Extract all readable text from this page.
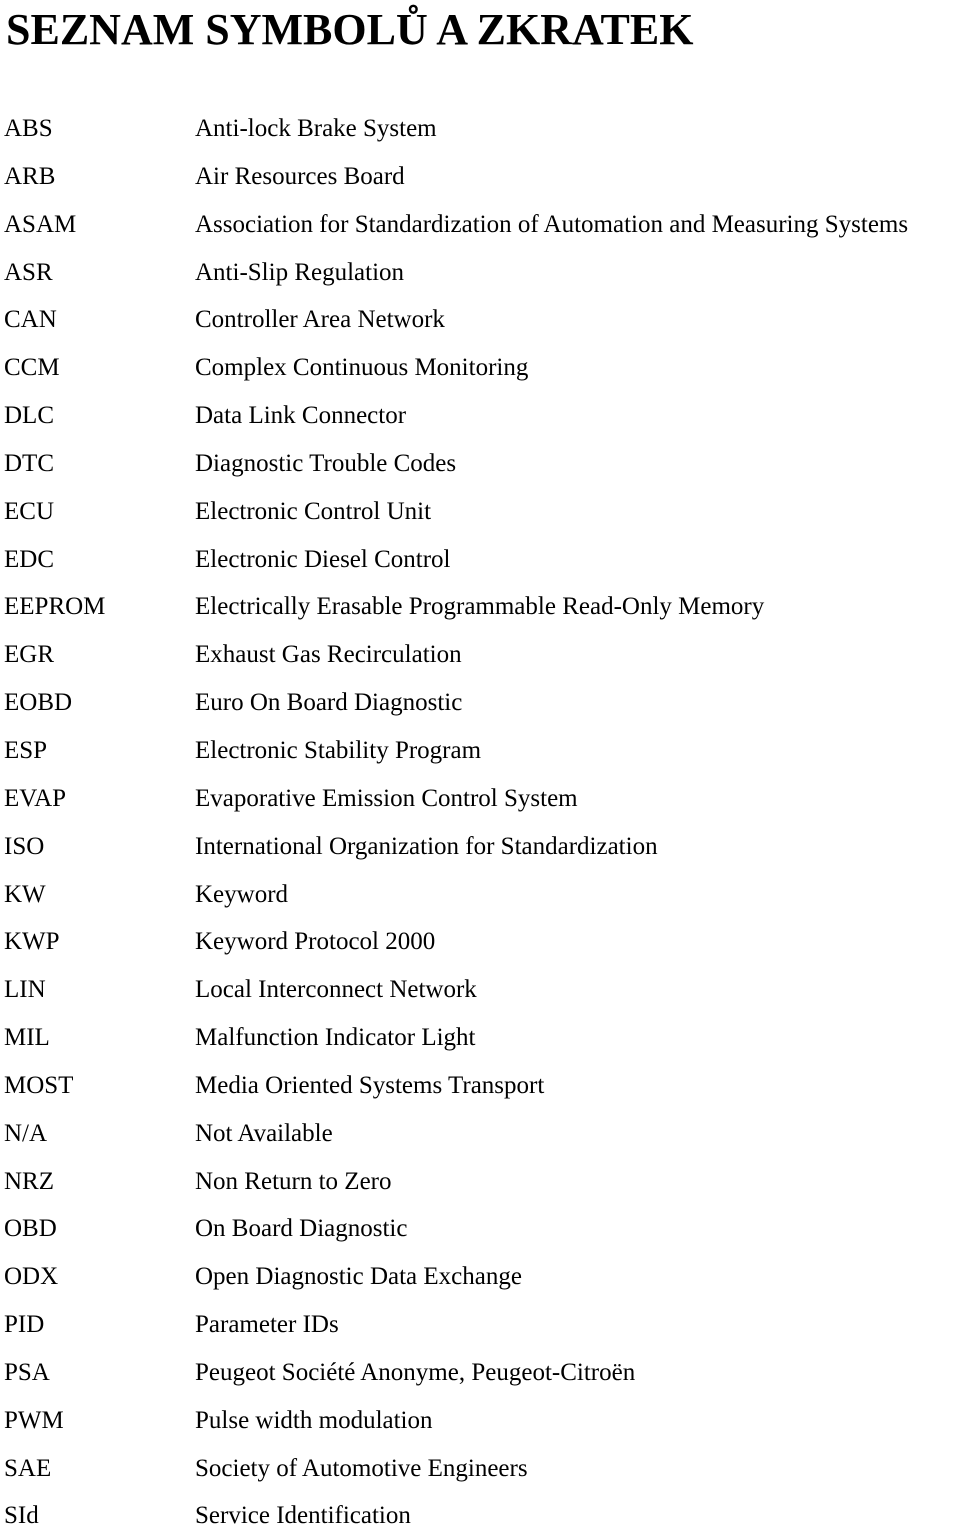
SEZNAM SYMBOLŮ A ZKRATEK
ABS	Anti-lock Brake System
ARB	Air Resources Board
ASAM	Association for Standardization of Automation and Measuring Systems
ASR	Anti-Slip Regulation
CAN	Controller Area Network
CCM	Complex Continuous Monitoring
DLC	Data Link Connector
DTC	Diagnostic Trouble Codes
ECU	Electronic Control Unit
EDC	Electronic Diesel Control
EEPROM	Electrically Erasable Programmable Read-Only Memory
EGR	Exhaust Gas Recirculation
EOBD	Euro On Board Diagnostic
ESP	Electronic Stability Program
EVAP	Evaporative Emission Control System
ISO	International Organization for Standardization
KW	Keyword
KWP	Keyword Protocol 2000
LIN	Local Interconnect Network
MIL	Malfunction Indicator Light
MOST	Media Oriented Systems Transport
N/A	Not Available
NRZ	Non Return to Zero
OBD	On Board Diagnostic
ODX	Open Diagnostic Data Exchange
PID	Parameter IDs
PSA	Peugeot Société Anonyme, Peugeot-Citroën
PWM	Pulse width modulation
SAE	Society of Automotive Engineers
SId	Service Identification
